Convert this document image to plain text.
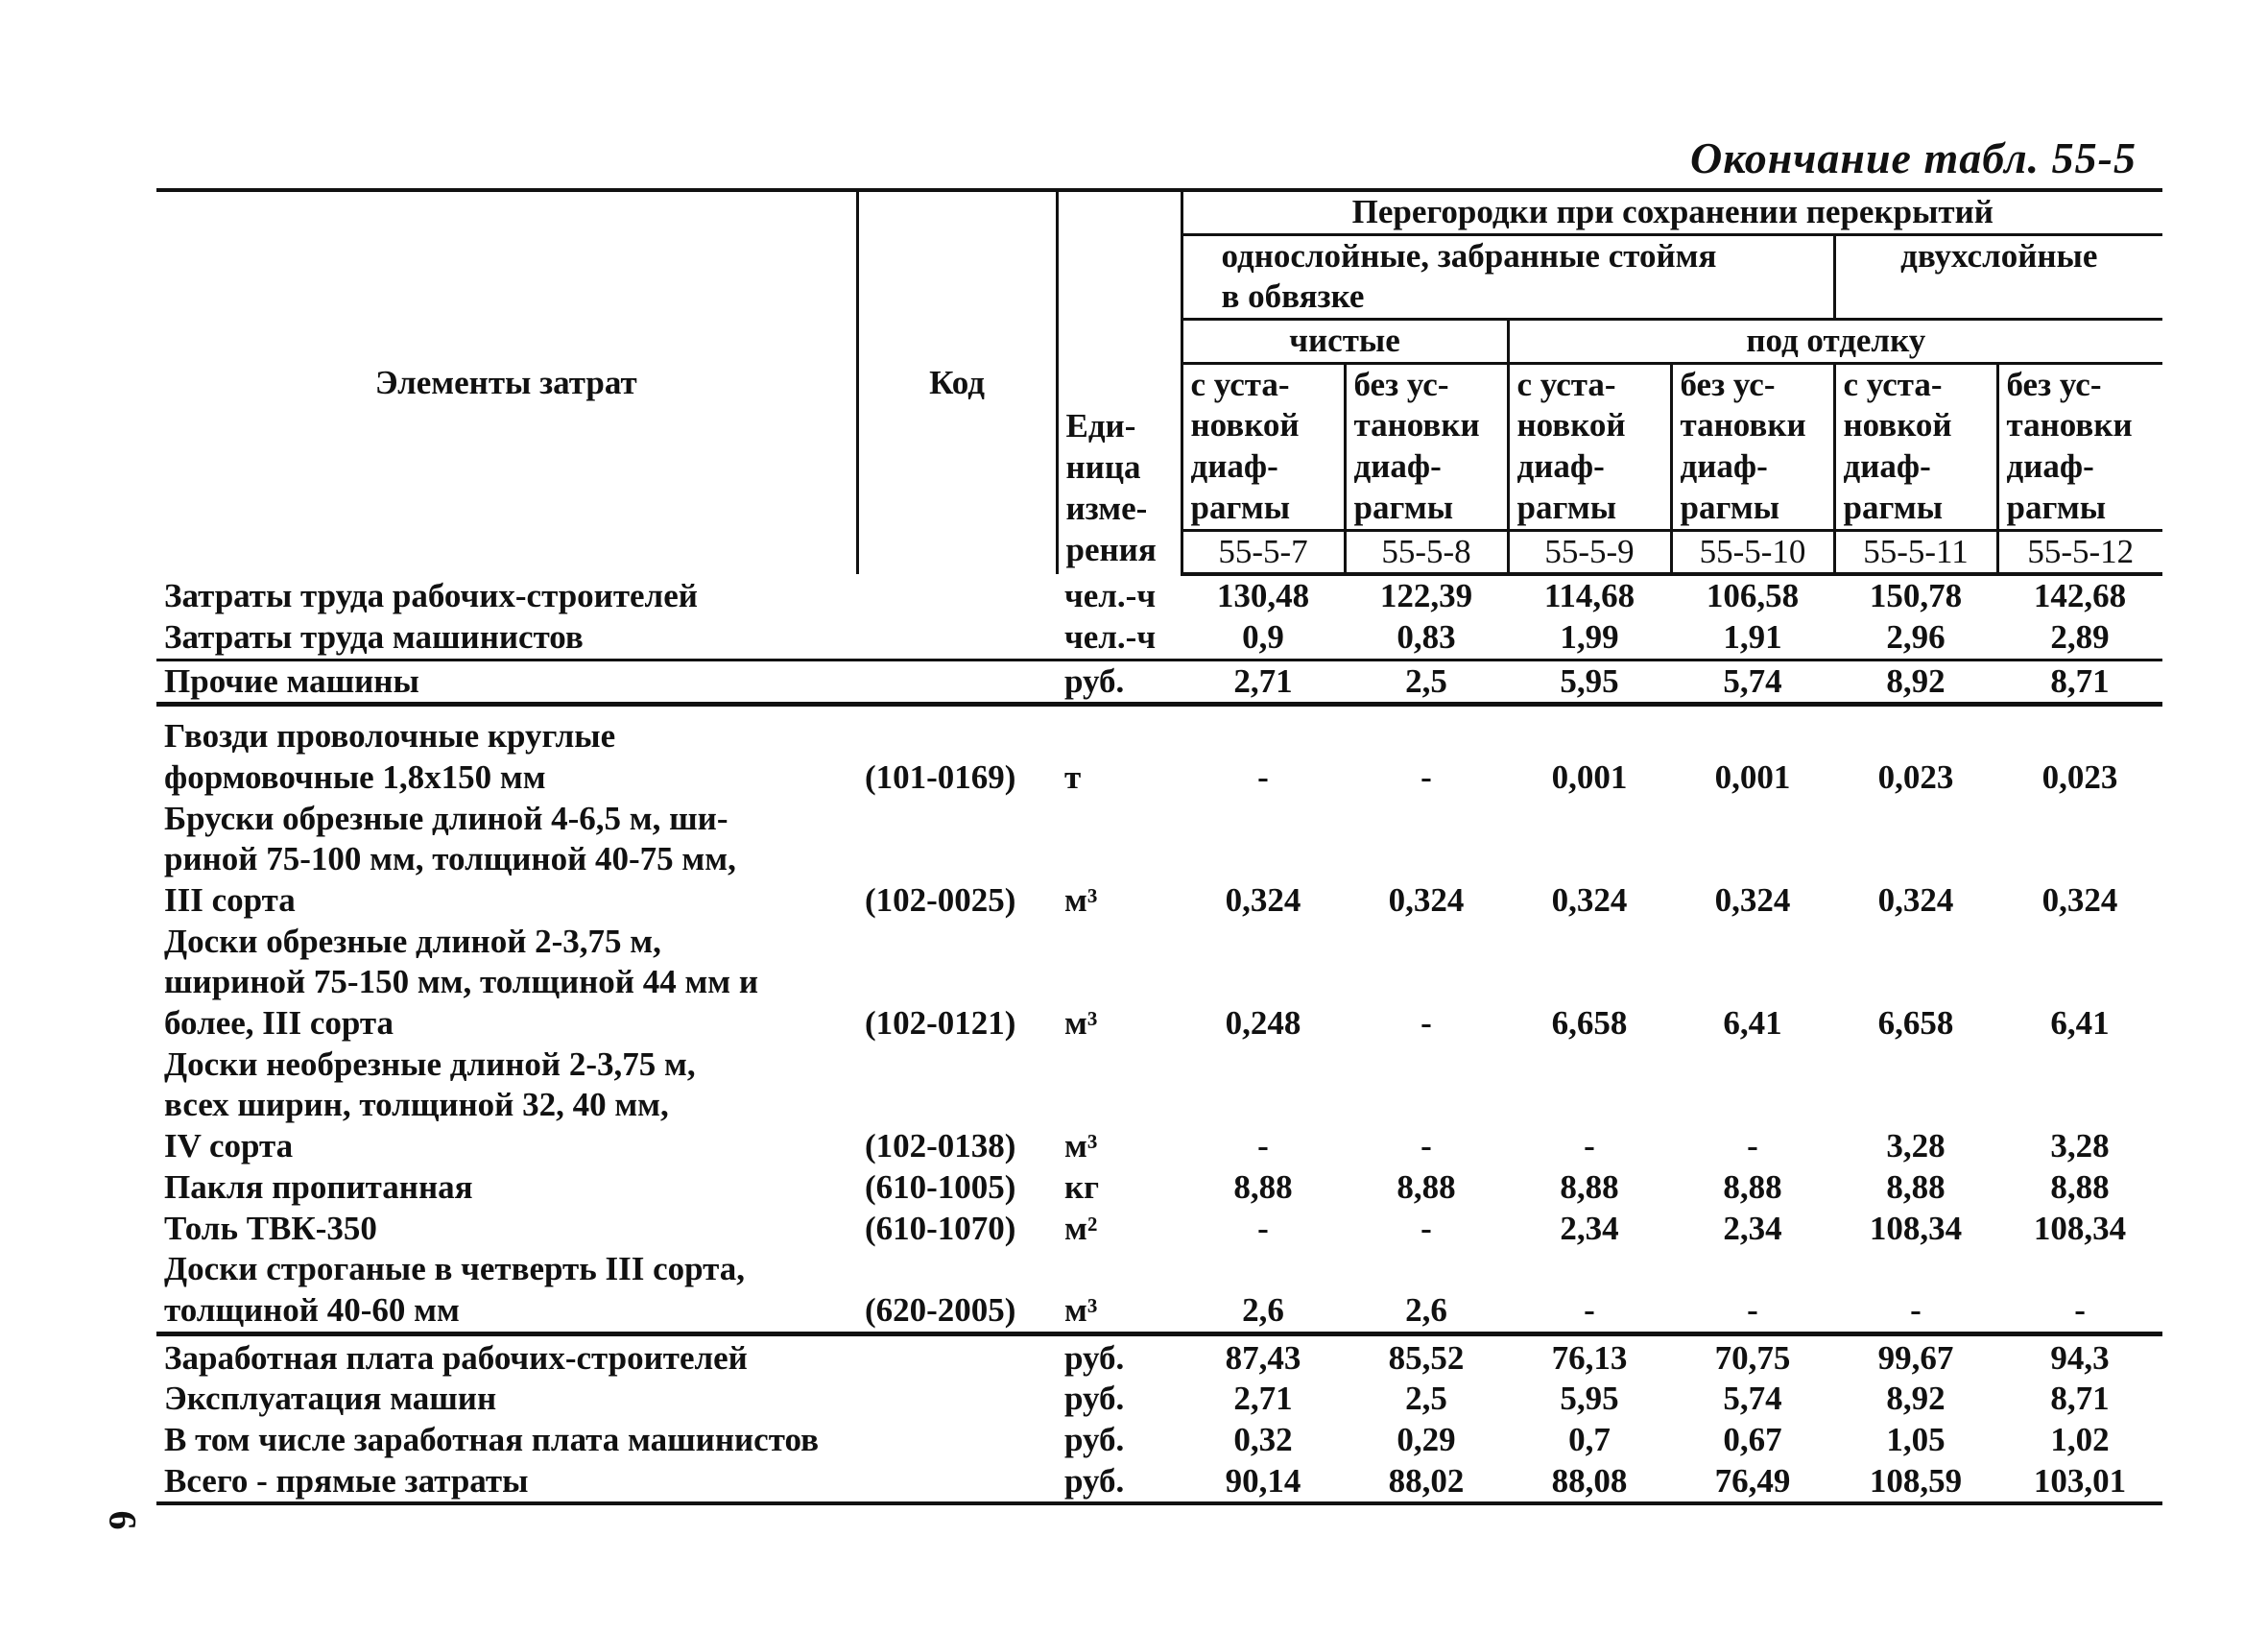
Окончание табл. 55-5
6
Элементы затрат	Код	Еди-
ница
изме-
рения	Перегородки при сохранении перекрытий					
			однослойные, забранные стоймя
в обвязке				двухслойные	
			чистые		под отделку			
			с уста-
новкой
диаф-
рагмы	без ус-
тановки
диаф-
рагмы	с уста-
новкой
диаф-
рагмы	без ус-
тановки
диаф-
рагмы	с уста-
новкой
диаф-
рагмы	без ус-
тановки
диаф-
рагмы
			55-5-7	55-5-8	55-5-9	55-5-10	55-5-11	55-5-12
Затраты труда рабочих-строителей		чел.-ч	130,48	122,39	114,68	106,58	150,78	142,68
Затраты труда машинистов		чел.-ч	0,9	0,83	1,99	1,91	2,96	2,89
Прочие машины		руб.	2,71	2,5	5,95	5,74	8,92	8,71
Гвозди проволочные круглые
формовочные 1,8х150 мм	(101-0169)	т	-	-	0,001	0,001	0,023	0,023
Бруски обрезные длиной 4-6,5 м, ши-
риной 75-100 мм, толщиной 40-75 мм,
III сорта	(102-0025)	м³	0,324	0,324	0,324	0,324	0,324	0,324
Доски обрезные длиной 2-3,75 м,
шириной 75-150 мм, толщиной 44 мм и
более, III сорта	(102-0121)	м³	0,248	-	6,658	6,41	6,658	6,41
Доски необрезные длиной 2-3,75 м,
всех ширин, толщиной 32, 40 мм,
IV сорта	(102-0138)	м³	-	-	-	-	3,28	3,28
Пакля пропитанная	(610-1005)	кг	8,88	8,88	8,88	8,88	8,88	8,88
Толь ТВК-350	(610-1070)	м²	-	-	2,34	2,34	108,34	108,34
Доски строганые в четверть III сорта,
толщиной 40-60 мм	(620-2005)	м³	2,6	2,6	-	-	-	-
Заработная плата рабочих-строителей		руб.	87,43	85,52	76,13	70,75	99,67	94,3
Эксплуатация машин		руб.	2,71	2,5	5,95	5,74	8,92	8,71
В том числе заработная плата машинистов		руб.	0,32	0,29	0,7	0,67	1,05	1,02
Всего - прямые затраты		руб.	90,14	88,02	88,08	76,49	108,59	103,01
